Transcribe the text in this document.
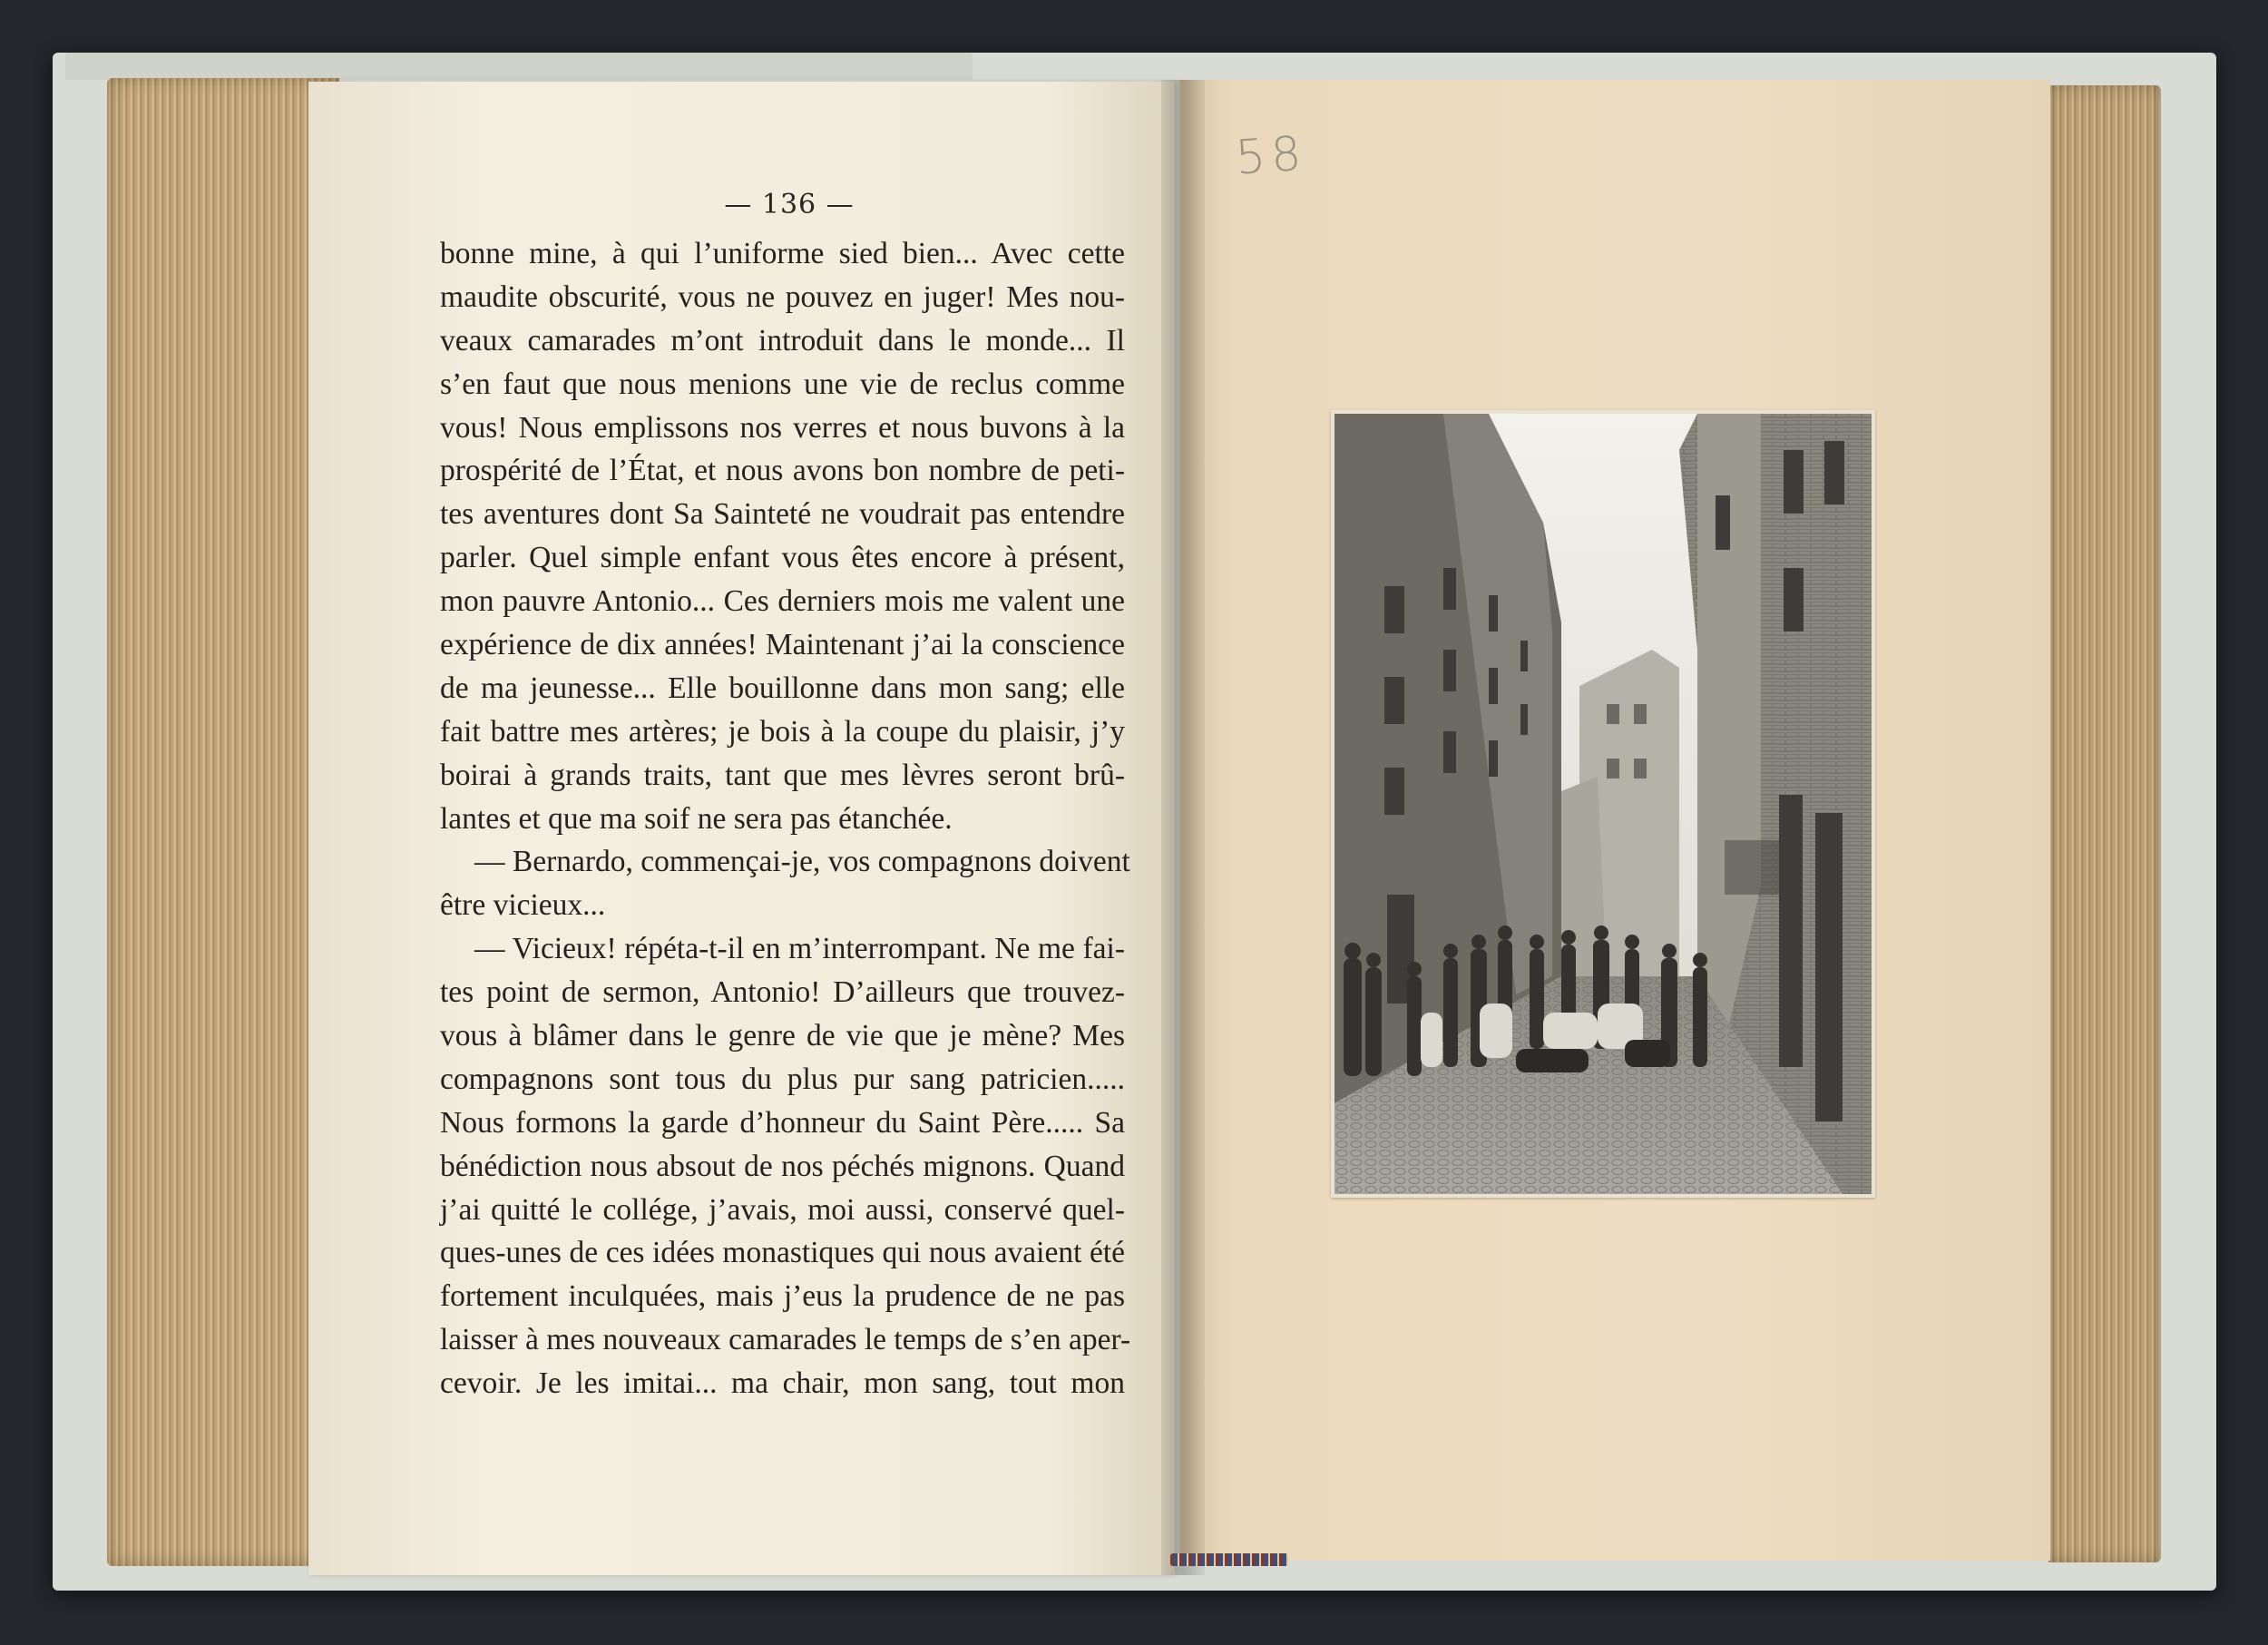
— 136 —
bonne mine, à qui l’uniforme sied bien... Avec cette
maudite obscurité, vous ne pouvez en juger! Mes nou-
veaux camarades m’ont introduit dans le monde... Il
s’en faut que nous menions une vie de reclus comme
vous! Nous emplissons nos verres et nous buvons à la
prospérité de l’État, et nous avons bon nombre de peti-
tes aventures dont Sa Sainteté ne voudrait pas entendre
parler. Quel simple enfant vous êtes encore à présent,
mon pauvre Antonio... Ces derniers mois me valent une
expérience de dix années! Maintenant j’ai la conscience
de ma jeunesse... Elle bouillonne dans mon sang; elle
fait battre mes artères; je bois à la coupe du plaisir, j’y
boirai à grands traits, tant que mes lèvres seront brû-
lantes et que ma soif ne sera pas étanchée.
— Bernardo, commençai-je, vos compagnons doivent
être vicieux...
— Vicieux! répéta-t-il en m’interrompant. Ne me fai-
tes point de sermon, Antonio! D’ailleurs que trouvez-
vous à blâmer dans le genre de vie que je mène? Mes
compagnons sont tous du plus pur sang patricien.....
Nous formons la garde d’honneur du Saint Père..... Sa
bénédiction nous absout de nos péchés mignons. Quand
j’ai quitté le collége, j’avais, moi aussi, conservé quel-
ques-unes de ces idées monastiques qui nous avaient été
fortement inculquées, mais j’eus la prudence de ne pas
laisser à mes nouveaux camarades le temps de s’en aper-
cevoir. Je les imitai... ma chair, mon sang, tout mon
58
